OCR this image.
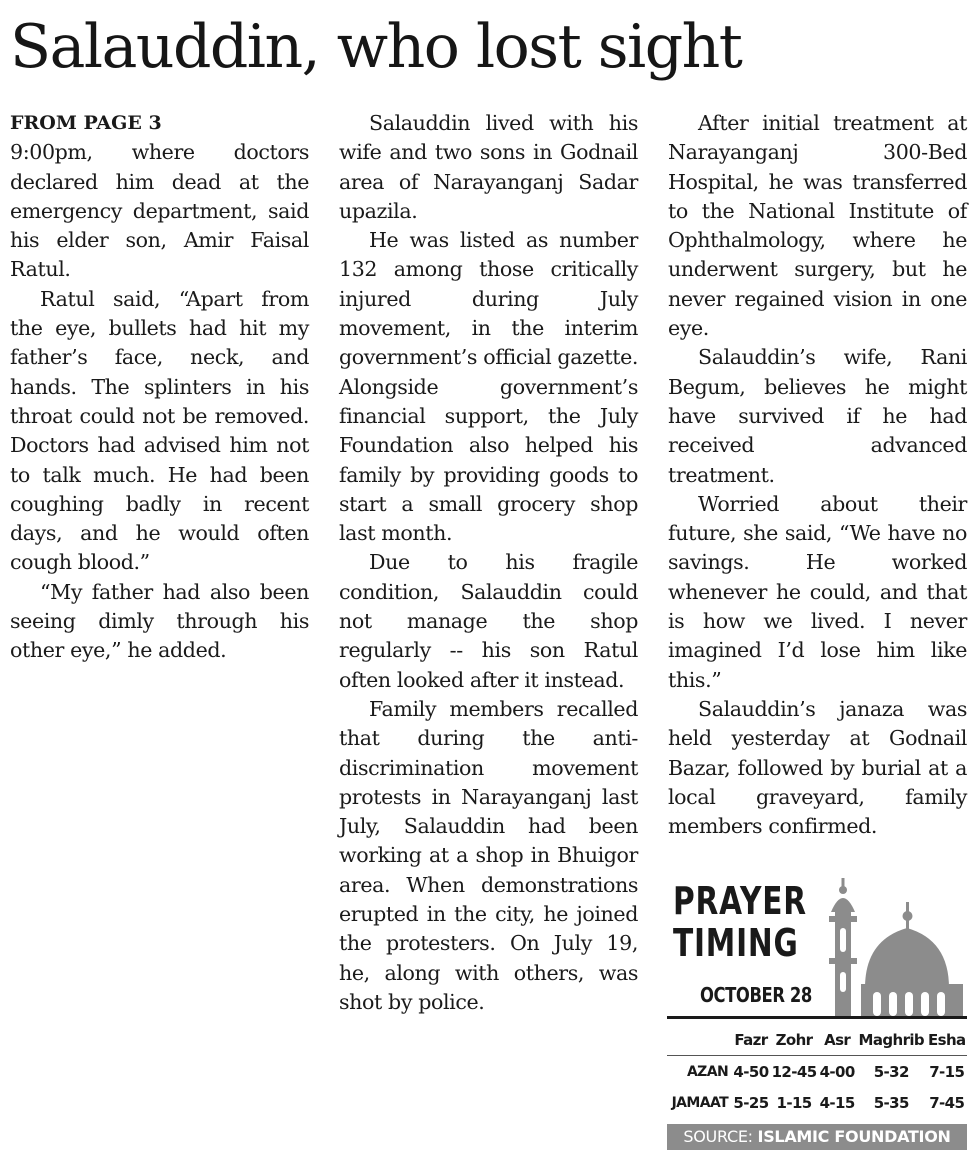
Salauddin, who lost sight

FROM PAGE 3
9:00pm, where doctors declared him dead at the emergency department, said his elder son, Amir Faisal Ratul.

Ratul said, “Apart from the eye, bullets had hit my father’s face, neck, and hands. The splinters in his throat could not be removed. Doctors had advised him not to talk much. He had been coughing badly in recent days, and he would often cough blood.”

“My father had also been seeing dimly through his other eye,” he added.

Salauddin lived with his wife and two sons in Godnail area of Narayanganj Sadar upazila.

He was listed as number 132 among those critically injured during July movement, in the interim government’s official gazette. Alongside government’s financial support, the July Foundation also helped his family by providing goods to start a small grocery shop last month.

Due to his fragile condition, Salauddin could not manage the shop regularly -- his son Ratul often looked after it instead.

Family members recalled that during the anti-discrimination movement protests in Narayanganj last July, Salauddin had been working at a shop in Bhuigor area. When demonstrations erupted in the city, he joined the protesters. On July 19, he, along with others, was shot by police.

After initial treatment at Narayanganj 300-Bed Hospital, he was transferred to the National Institute of Ophthalmology, where he underwent surgery, but he never regained vision in one eye.

Salauddin’s wife, Rani Begum, believes he might have survived if he had received advanced treatment.

Worried about their future, she said, “We have no savings. He worked whenever he could, and that is how we lived. I never imagined I’d lose him like this.”

Salauddin’s janaza was held yesterday at Godnail Bazar, followed by burial at a local graveyard, family members confirmed.

PRAYER
TIMING
OCTOBER 28
	Fazr	Zohr	Asr	Maghrib	Esha
AZAN	4-50	12-45	4-00	5-32	7-15
JAMAAT	5-25	1-15	4-15	5-35	7-45
SOURCE: ISLAMIC FOUNDATION
